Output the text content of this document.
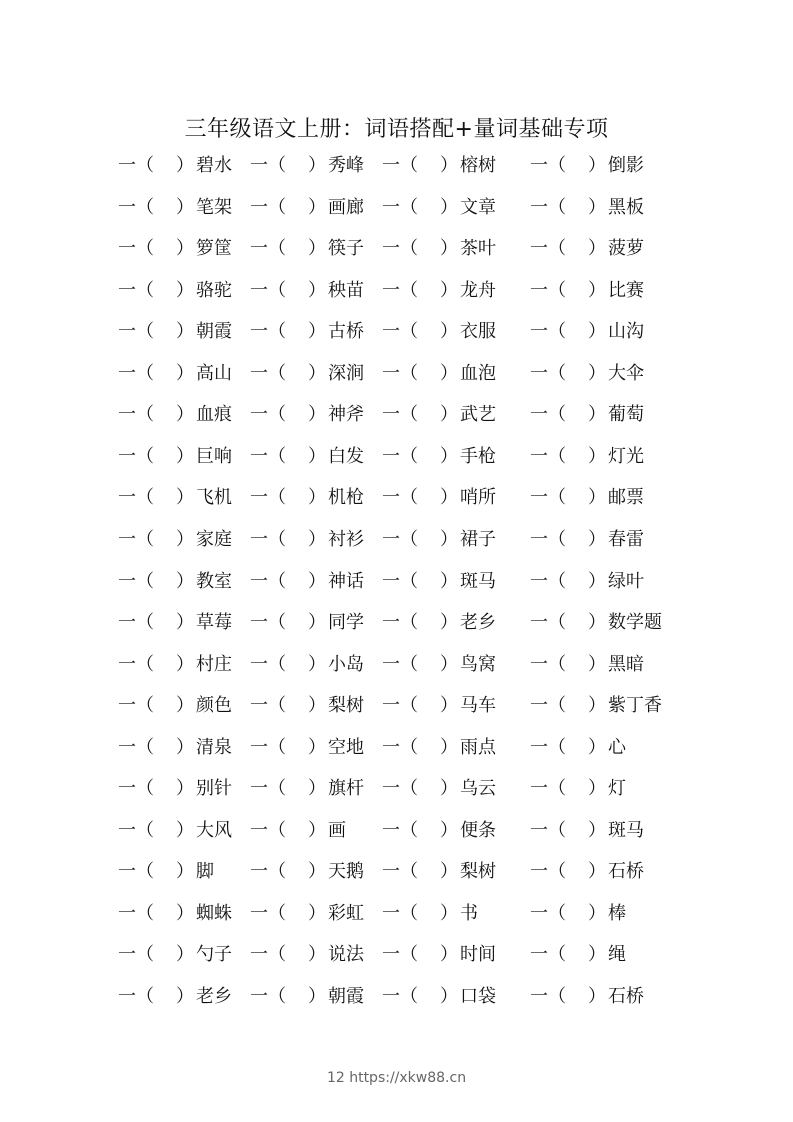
三年级语文上册：词语搭配+量词基础专项
一 （ ） 碧水 一 （ ） 秀峰 一 （ ） 榕树 一 （ ） 倒影
一 （ ） 笔架 一 （ ） 画廊 一 （ ） 文章 一 （ ） 黑板
一 （ ） 箩筐 一 （ ） 筷子 一 （ ） 茶叶 一 （ ） 菠萝
一 （ ） 骆驼 一 （ ） 秧苗 一 （ ） 龙舟 一 （ ） 比赛
一 （ ） 朝霞 一 （ ） 古桥 一 （ ） 衣服 一 （ ） 山沟
一 （ ） 高山 一 （ ） 深涧 一 （ ） 血泡 一 （ ） 大伞
一 （ ） 血痕 一 （ ） 神斧 一 （ ） 武艺 一 （ ） 葡萄
一 （ ） 巨响 一 （ ） 白发 一 （ ） 手枪 一 （ ） 灯光
一 （ ） 飞机 一 （ ） 机枪 一 （ ） 哨所 一 （ ） 邮票
一 （ ） 家庭 一 （ ） 衬衫 一 （ ） 裙子 一 （ ） 春雷
一 （ ） 教室 一 （ ） 神话 一 （ ） 斑马 一 （ ） 绿叶
一 （ ） 草莓 一 （ ） 同学 一 （ ） 老乡 一 （ ） 数学题
一 （ ） 村庄 一 （ ） 小岛 一 （ ） 鸟窝 一 （ ） 黑暗
一 （ ） 颜色 一 （ ） 梨树 一 （ ） 马车 一 （ ） 紫丁香
一 （ ） 清泉 一 （ ） 空地 一 （ ） 雨点 一 （ ） 心
一 （ ） 别针 一 （ ） 旗杆 一 （ ） 乌云 一 （ ） 灯
一 （ ） 大风 一 （ ） 画 一 （ ） 便条 一 （ ） 斑马
一 （ ） 脚 一 （ ） 天鹅 一 （ ） 梨树 一 （ ） 石桥
一 （ ） 蜘蛛 一 （ ） 彩虹 一 （ ） 书	一 （ ） 棒
一 （ ） 勺子 一 （ ） 说法 一 （ ） 时间 一 （ ） 绳
一 （ ） 老乡 一 （ ） 朝霞 一 （ ） 口袋 一 （ ） 石桥
12 https://xkw88.cn
